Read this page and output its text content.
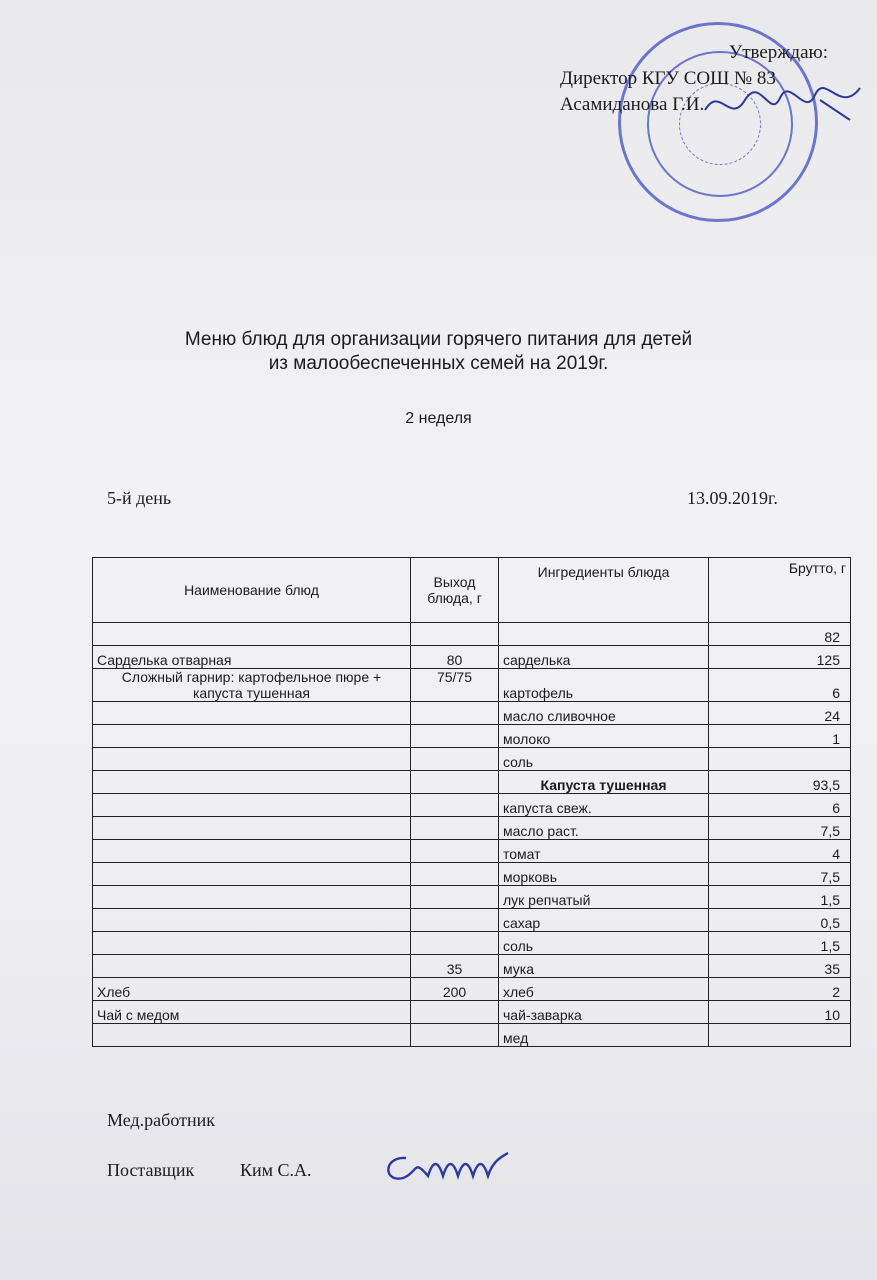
Утверждаю:
Директор КГУ СОШ № 83
Асамиданова Г.И.
Меню блюд для организации горячего питания для детей
из малообеспеченных семей на 2019г.
2 неделя
5-й день	13.09.2019г.
Наименование блюд	Выход блюда, г	Ингредиенты блюда	Брутто, г
			82
Сарделька отварная	80	сарделька	125
Сложный гарнир: картофельное пюре + капуста тушенная	75/75	картофель	6
		масло сливочное	24
		молоко	1
		соль	
		Капуста тушенная	93,5
		капуста свеж.	6
		масло раст.	7,5
		томат	4
		морковь	7,5
		лук репчатый	1,5
		сахар	0,5
		соль	1,5
	35	мука	35
Хлеб	200	хлеб	2
Чай с медом		чай-заварка	10
		мед	
Мед.работник
Поставщик	Ким С.А.
